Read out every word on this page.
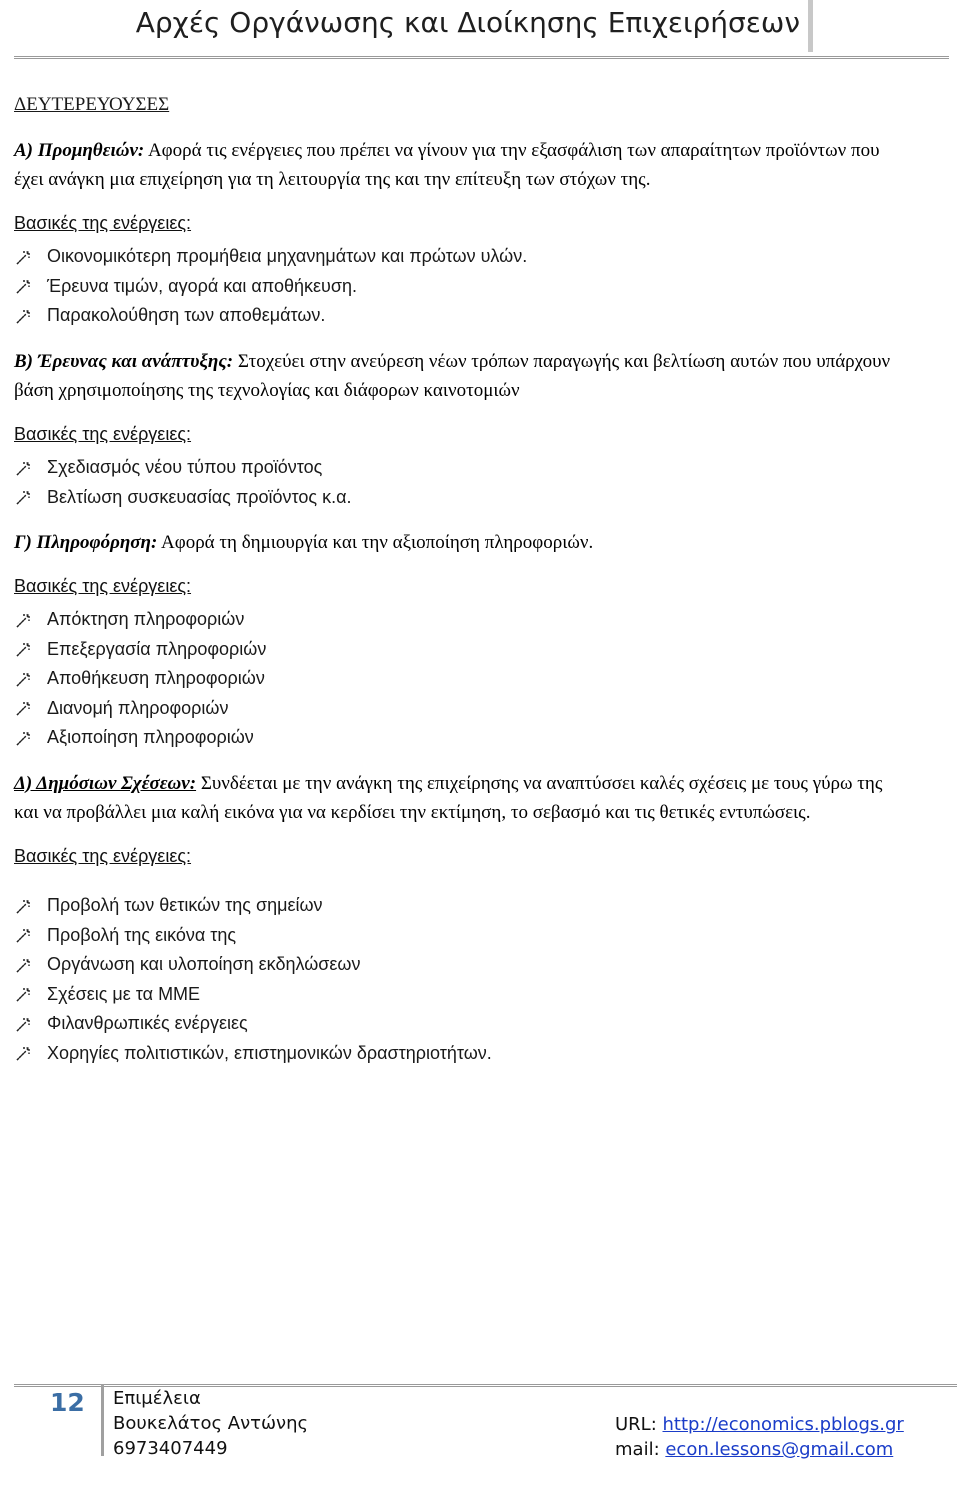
Αρχές Οργάνωσης και Διοίκησης Επιχειρήσεων

ΔΕΥΤΕΡΕΥΟΥΣΕΣ

Α) Προμηθειών: Αφορά τις ενέργειες που πρέπει να γίνουν για την εξασφάλιση των απαραίτητων προϊόντων που έχει ανάγκη μια επιχείρηση για τη λειτουργία της και την επίτευξη των στόχων της.

Βασικές της ενέργειες:

Οικονομικότερη προμήθεια μηχανημάτων και πρώτων υλών.
Έρευνα τιμών, αγορά και αποθήκευση.
Παρακολούθηση των αποθεμάτων.

Β) Έρευνας και ανάπτυξης: Στοχεύει στην ανεύρεση νέων τρόπων παραγωγής και βελτίωση αυτών που υπάρχουν βάση χρησιμοποίησης της τεχνολογίας και διάφορων καινοτομιών

Βασικές της ενέργειες:

Σχεδιασμός νέου τύπου προϊόντος
Βελτίωση συσκευασίας προϊόντος κ.α.

Γ) Πληροφόρηση: Αφορά τη δημιουργία και την αξιοποίηση πληροφοριών.

Βασικές της ενέργειες:

Απόκτηση πληροφοριών
Επεξεργασία πληροφοριών
Αποθήκευση πληροφοριών
Διανομή πληροφοριών
Αξιοποίηση πληροφοριών

Δ) Δημόσιων Σχέσεων: Συνδέεται με την ανάγκη της επιχείρησης να αναπτύσσει καλές σχέσεις με τους γύρω της και να προβάλλει μια καλή εικόνα για να κερδίσει την εκτίμηση, το σεβασμό και τις θετικές εντυπώσεις.

Βασικές της ενέργειες:

Προβολή των θετικών της σημείων
Προβολή της εικόνα της
Οργάνωση και υλοποίηση εκδηλώσεων
Σχέσεις με τα ΜΜΕ
Φιλανθρωπικές ενέργειες
Χορηγίες πολιτιστικών, επιστημονικών δραστηριοτήτων.
12 Επιμέλεια
Βουκελάτος Αντώνης
6973407449
URL: http://economics.pblogs.gr
mail: econ.lessons@gmail.com
